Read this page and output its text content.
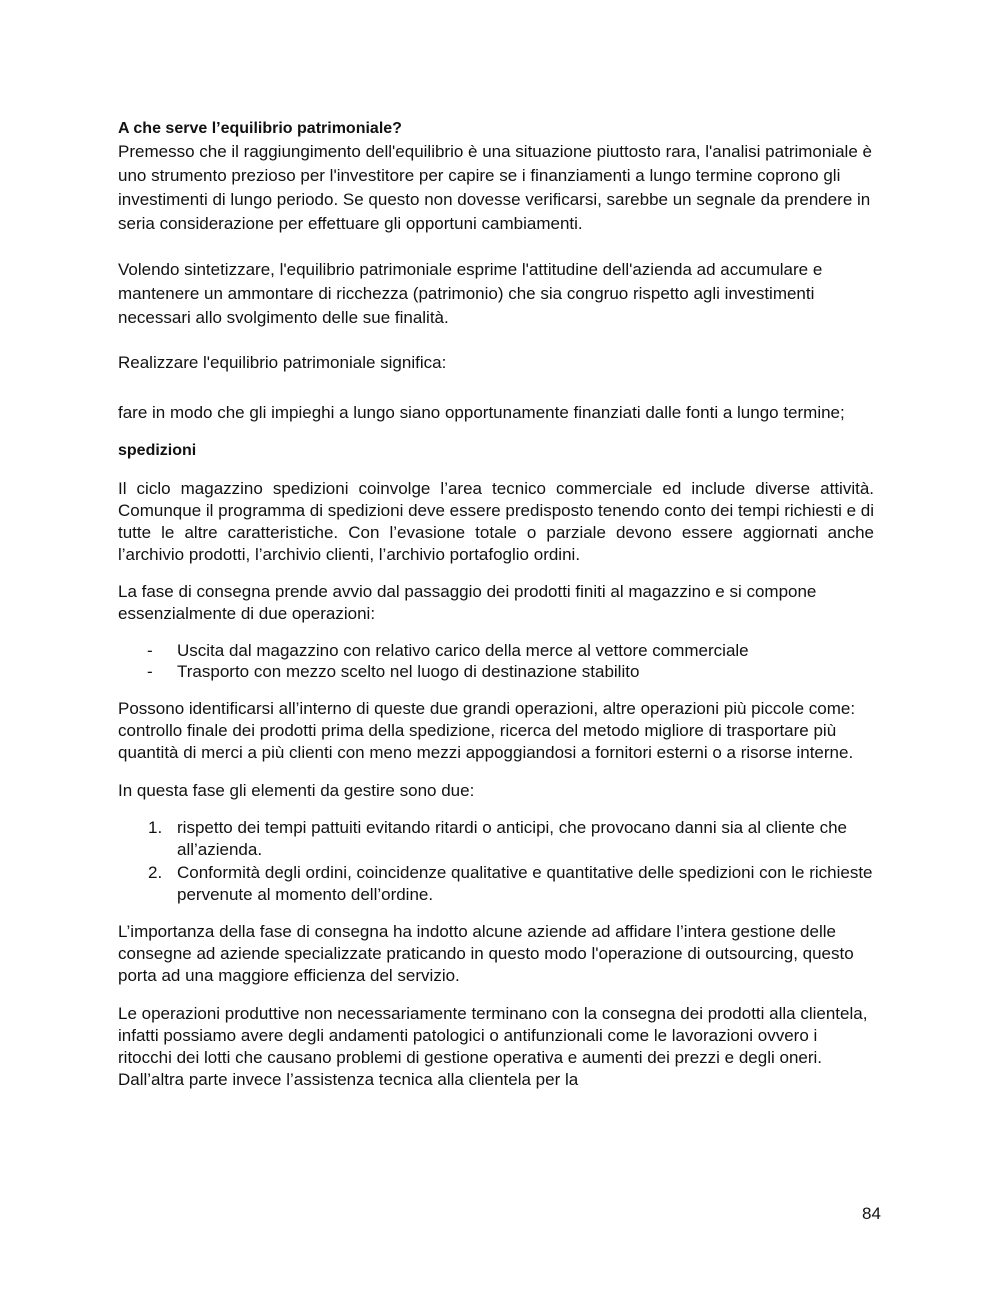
A che serve l’equilibrio patrimoniale?

Premesso che il raggiungimento dell'equilibrio è una situazione piuttosto rara, l'analisi patrimoniale è uno strumento prezioso per l'investitore per capire se i finanziamenti a lungo termine coprono gli investimenti di lungo periodo. Se questo non dovesse verificarsi, sarebbe un segnale da prendere in seria considerazione per effettuare gli opportuni cambiamenti.

Volendo sintetizzare, l'equilibrio patrimoniale esprime l'attitudine dell'azienda ad accumulare e mantenere un ammontare di ricchezza (patrimonio) che sia congruo rispetto agli investimenti necessari allo svolgimento delle sue finalità.

Realizzare l'equilibrio patrimoniale significa:

fare in modo che gli impieghi a lungo siano opportunamente finanziati dalle fonti a lungo termine;

spedizioni

Il ciclo magazzino spedizioni coinvolge l’area tecnico commerciale ed include diverse attività. Comunque il programma di spedizioni deve essere predisposto tenendo conto dei tempi richiesti e di tutte le altre caratteristiche. Con l’evasione totale o parziale devono essere aggiornati anche l’archivio prodotti, l’archivio clienti, l’archivio portafoglio ordini.

La fase di consegna prende avvio dal passaggio dei prodotti finiti al magazzino e si compone essenzialmente di due operazioni:

- Uscita dal magazzino con relativo carico della merce al vettore commerciale
- Trasporto con mezzo scelto nel luogo di destinazione stabilito

Possono identificarsi all’interno di queste due grandi operazioni, altre operazioni più piccole come: controllo finale dei prodotti prima della spedizione, ricerca del metodo migliore di trasportare più quantità di merci a più clienti con meno mezzi appoggiandosi a fornitori esterni o a risorse interne.

In questa fase gli elementi da gestire sono due:

1. rispetto dei tempi pattuiti evitando ritardi o anticipi, che provocano danni sia al cliente che all’azienda.
2. Conformità degli ordini, coincidenze qualitative e quantitative delle spedizioni con le richieste pervenute al momento dell’ordine.

L’importanza della fase di consegna ha indotto alcune aziende ad affidare l’intera gestione delle consegne ad aziende specializzate praticando in questo modo l'operazione di outsourcing, questo porta ad una maggiore efficienza del servizio.

Le operazioni produttive non necessariamente terminano con la consegna dei prodotti alla clientela, infatti possiamo avere degli andamenti patologici o antifunzionali come le lavorazioni ovvero i ritocchi dei lotti che causano problemi di gestione operativa e aumenti dei prezzi e degli oneri. Dall’altra parte invece l’assistenza tecnica alla clientela per la

84
